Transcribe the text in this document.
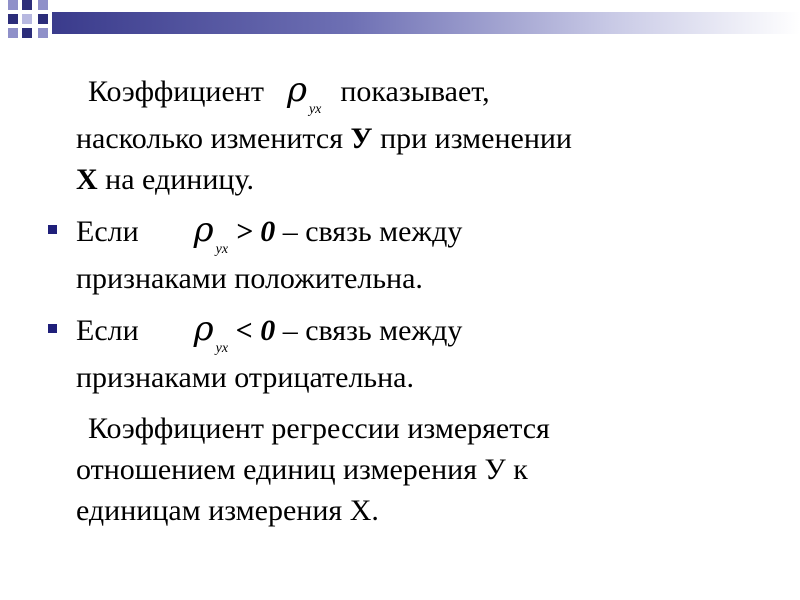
Коэффициент ρ $_{yx}$  показывает,
насколько изменится У при изменении
Х на единицу.
Если ρ $_{yx}$ > 0 – связь между
признаками положительна.
Если ρ $_{yx}$ < 0 – связь между
признаками отрицательна.
Коэффициент регрессии измеряется
отношением единиц измерения У к
единицам измерения Х.
